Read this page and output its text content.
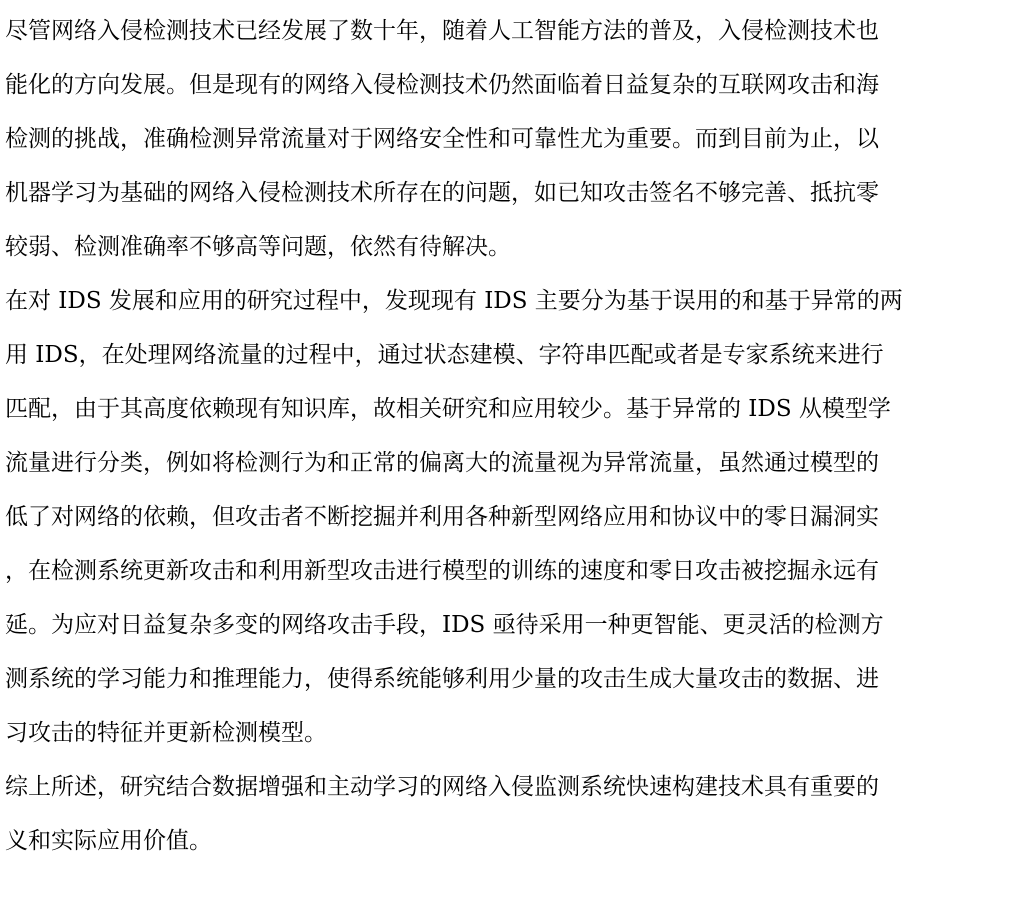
尽管网络入侵检测技术已经发展了数十年，随着人工智能方法的普及，入侵检测技术也
能化的方向发展。但是现有的网络入侵检测技术仍然面临着日益复杂的互联网攻击和海
检测的挑战，准确检测异常流量对于网络安全性和可靠性尤为重要。而到目前为止，以
机器学习为基础的网络入侵检测技术所存在的问题，如已知攻击签名不够完善、抵抗零
较弱、检测准确率不够高等问题，依然有待解决。
在对 IDS 发展和应用的研究过程中，发现现有 IDS 主要分为基于误用的和基于异常的两
用 IDS，在处理网络流量的过程中，通过状态建模、字符串匹配或者是专家系统来进行
匹配，由于其高度依赖现有知识库，故相关研究和应用较少。基于异常的 IDS 从模型学
流量进行分类，例如将检测行为和正常的偏离大的流量视为异常流量，虽然通过模型的
低了对网络的依赖，但攻击者不断挖掘并利用各种新型网络应用和协议中的零日漏洞实
，在检测系统更新攻击和利用新型攻击进行模型的训练的速度和零日攻击被挖掘永远有
延。为应对日益复杂多变的网络攻击手段，IDS 亟待采用一种更智能、更灵活的检测方
测系统的学习能力和推理能力，使得系统能够利用少量的攻击生成大量攻击的数据、进
习攻击的特征并更新检测模型。
综上所述，研究结合数据增强和主动学习的网络入侵监测系统快速构建技术具有重要的
义和实际应用价值。
